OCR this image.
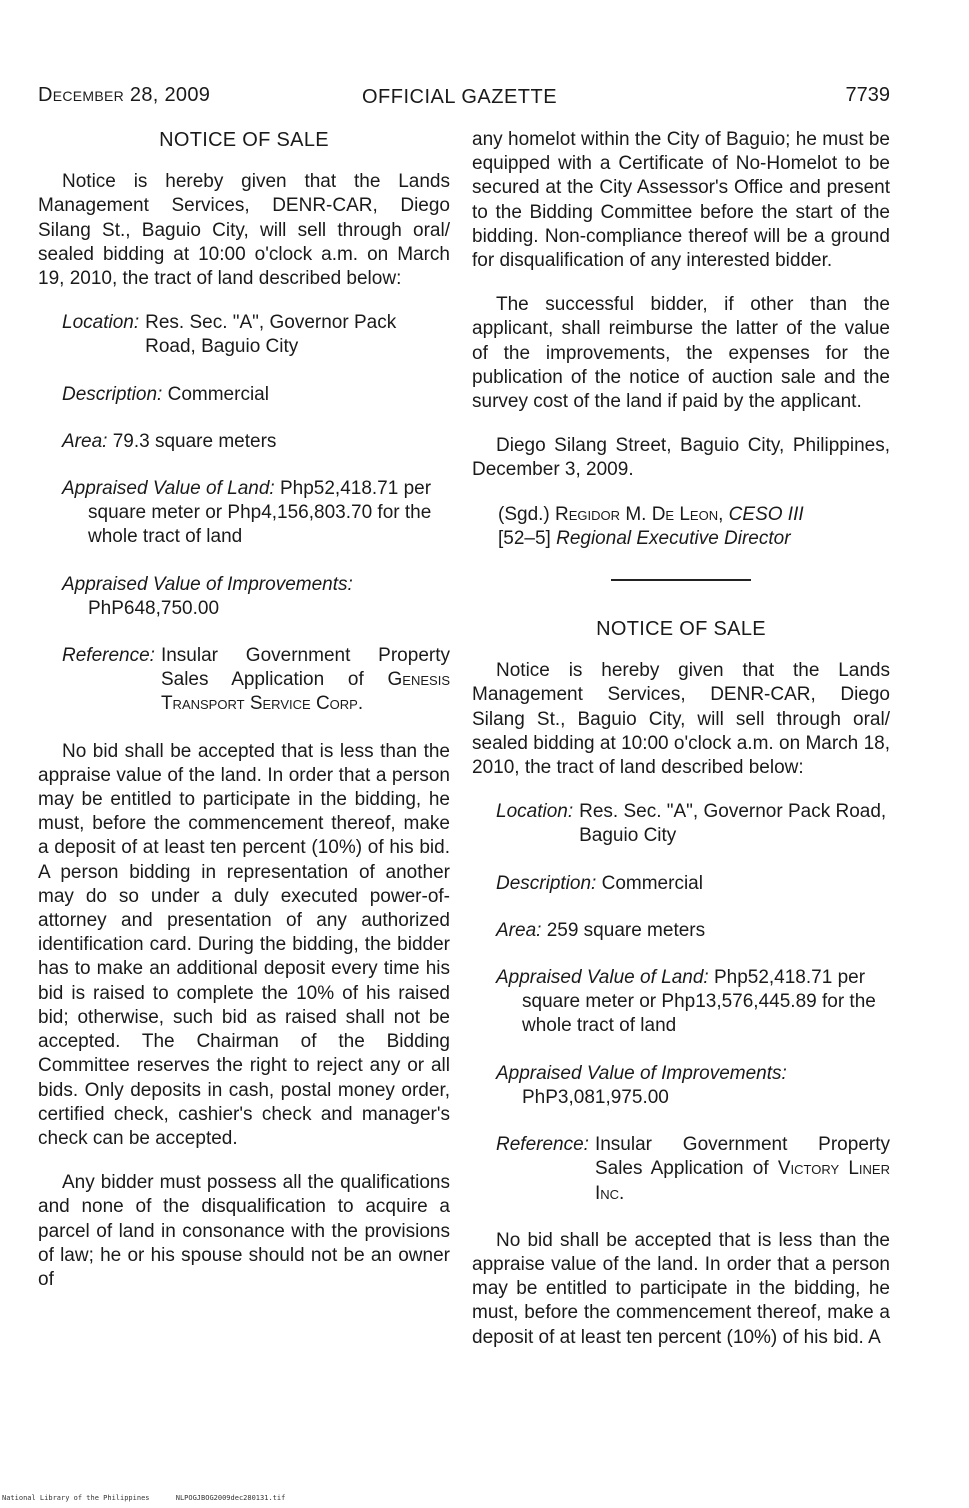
December 28, 2009	OFFICIAL GAZETTE	7739
NOTICE OF SALE

Notice is hereby given that the Lands Management Services, DENR-CAR, Diego Silang St., Baguio City, will sell through oral/ sealed bidding at 10:00 o'clock a.m. on March 19, 2010, the tract of land described below:

Location: Res. Sec. "A", Governor Pack Road, Baguio City

Description: Commercial

Area: 79.3 square meters

Appraised Value of Land: Php52,418.71 per square meter or Php4,156,803.70 for the whole tract of land

Appraised Value of Improvements:
PhP648,750.00

Reference: Insular Government Property Sales Application of Genesis Transport Service Corp.

No bid shall be accepted that is less than the appraise value of the land. In order that a person may be entitled to participate in the bidding, he must, before the commencement thereof, make a deposit of at least ten percent (10%) of his bid. A person bidding in representation of another may do so under a duly executed power-of-attorney and presentation of any authorized identification card. During the bidding, the bidder has to make an additional deposit every time his bid is raised to complete the 10% of his raised bid; otherwise, such bid as raised shall not be accepted. The Chairman of the Bidding Committee reserves the right to reject any or all bids. Only deposits in cash, postal money order, certified check, cashier's check and manager's check can be accepted.

Any bidder must possess all the qualifications and none of the disqualification to acquire a parcel of land in consonance with the provisions of law; he or his spouse should not be an owner of

any homelot within the City of Baguio; he must be equipped with a Certificate of No-Homelot to be secured at the City Assessor's Office and present to the Bidding Committee before the start of the bidding. Non-compliance thereof will be a ground for disqualification of any interested bidder.

The successful bidder, if other than the applicant, shall reimburse the latter of the value of the improvements, the expenses for the publication of the notice of auction sale and the survey cost of the land if paid by the applicant.

Diego Silang Street, Baguio City, Philippines, December 3, 2009.

(Sgd.) Regidor M. De Leon, CESO III
[52–5] Regional Executive Director

NOTICE OF SALE

Notice is hereby given that the Lands Management Services, DENR-CAR, Diego Silang St., Baguio City, will sell through oral/ sealed bidding at 10:00 o'clock a.m. on March 18, 2010, the tract of land described below:

Location: Res. Sec. "A", Governor Pack Road, Baguio City

Description: Commercial

Area: 259 square meters

Appraised Value of Land: Php52,418.71 per square meter or Php13,576,445.89 for the whole tract of land

Appraised Value of Improvements:
PhP3,081,975.00

Reference: Insular Government Property Sales Application of Victory Liner Inc.

No bid shall be accepted that is less than the appraise value of the land. In order that a person may be entitled to participate in the bidding, he must, before the commencement thereof, make a deposit of at least ten percent (10%) of his bid. A

National Library of the Philippines	NLPOGJBOG2009dec280131.tif
